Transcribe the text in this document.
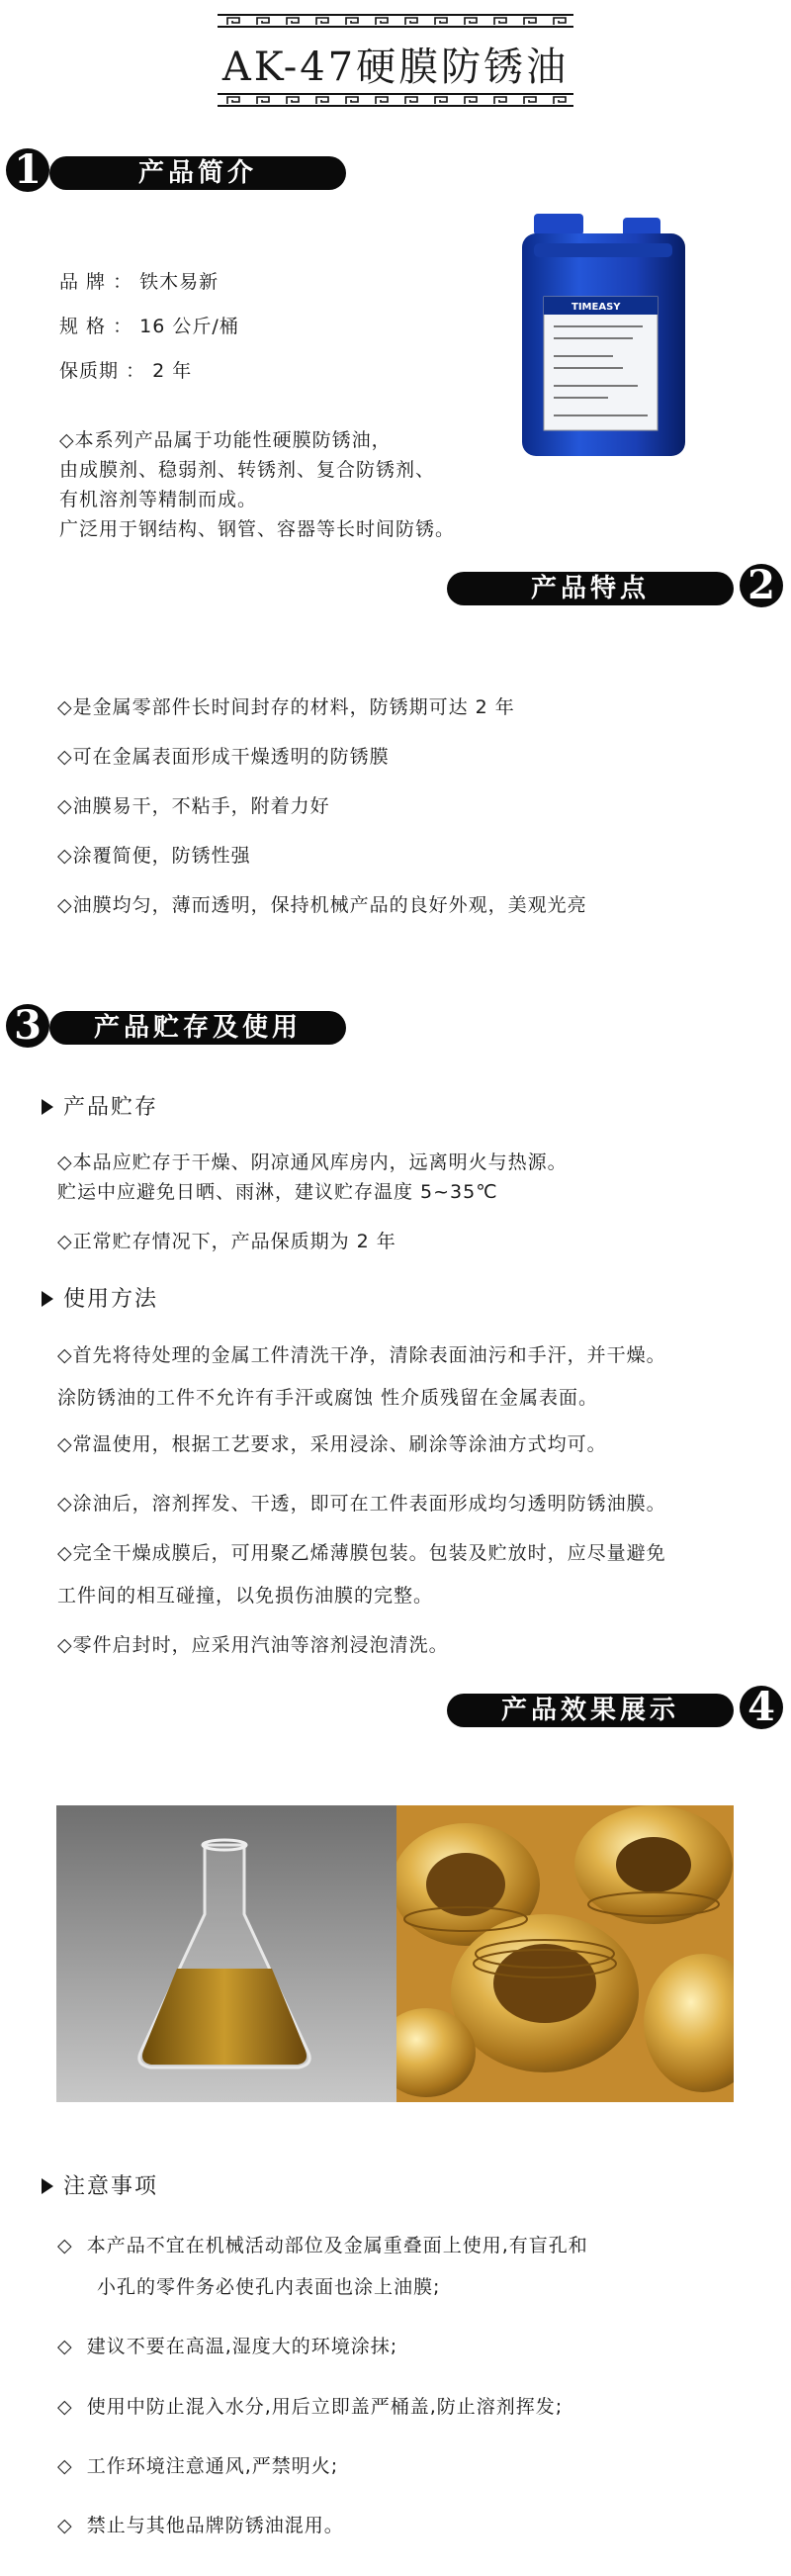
AK-47硬膜防锈油
1	产品简介
品 牌 ： 铁木易新
规 格 ： 16 公斤/桶
保质期 ： 2 年
TIMEASY
◇本系列产品属于功能性硬膜防锈油，
由成膜剂、稳弱剂、转锈剂、复合防锈剂、
有机溶剂等精制而成。
广泛用于钢结构、钢管、容器等长时间防锈。
产品特点	2
◇是金属零部件长时间封存的材料，防锈期可达 2 年
◇可在金属表面形成干燥透明的防锈膜
◇油膜易干，不粘手，附着力好
◇涂覆简便，防锈性强
◇油膜均匀，薄而透明，保持机械产品的良好外观，美观光亮
3	产品贮存及使用
产品贮存
◇本品应贮存于干燥、阴凉通风库房内，远离明火与热源。
贮运中应避免日晒、雨淋，建议贮存温度 5~35℃
◇正常贮存情况下，产品保质期为 2 年
使用方法
◇首先将待处理的金属工件清洗干净，清除表面油污和手汗，并干燥。
涂防锈油的工件不允许有手汗或腐蚀 性介质残留在金属表面。
◇常温使用，根据工艺要求，采用浸涂、刷涂等涂油方式均可。
◇涂油后，溶剂挥发、干透，即可在工件表面形成均匀透明防锈油膜。
◇完全干燥成膜后，可用聚乙烯薄膜包装。包装及贮放时，应尽量避免
工件间的相互碰撞，以免损伤油膜的完整。
◇零件启封时，应采用汽油等溶剂浸泡清洗。
产品效果展示	4
注意事项
◇ 本产品不宜在机械活动部位及金属重叠面上使用,有盲孔和
小孔的零件务必使孔内表面也涂上油膜;
◇ 建议不要在高温,湿度大的环境涂抹;
◇ 使用中防止混入水分,用后立即盖严桶盖,防止溶剂挥发;
◇ 工作环境注意通风,严禁明火;
◇ 禁止与其他品牌防锈油混用。
